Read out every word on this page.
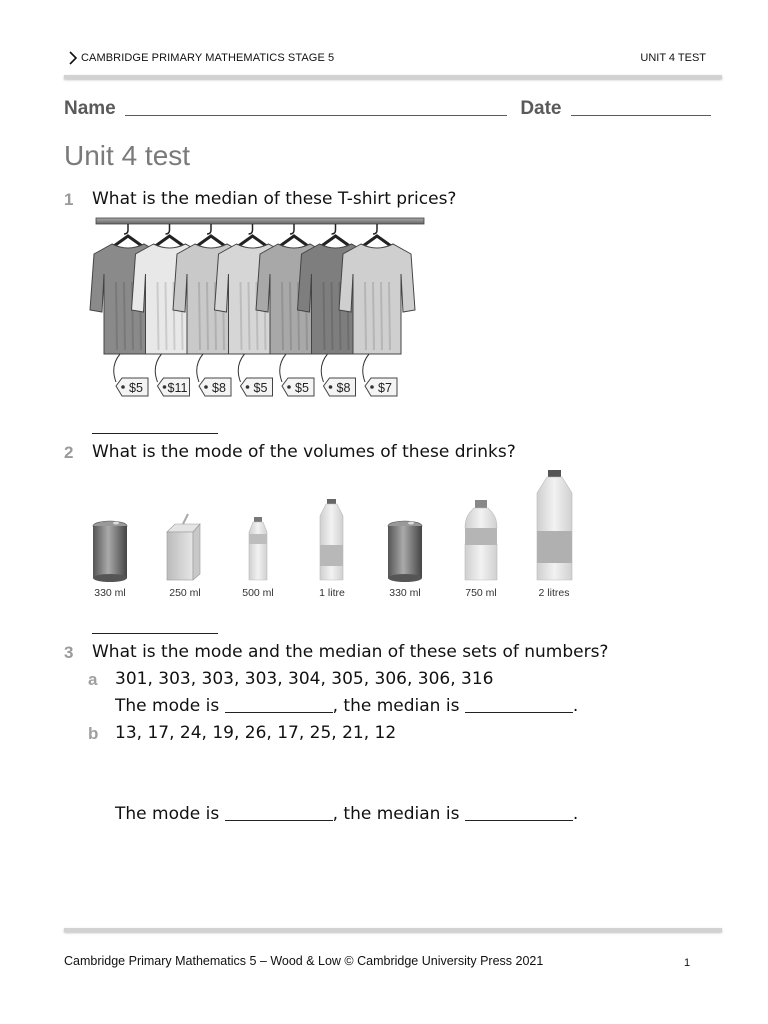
CAMBRIDGE PRIMARY MATHEMATICS STAGE 5	UNIT 4 TEST
Name	Date
Unit 4 test
1 What is the median of these T-shirt prices?
$5 $11 $8 $5 $5 $8 $7
2 What is the mode of the volumes of these drinks?
330 ml	250 ml	500 ml	1 litre	330 ml	750 ml	2 litres
3 What is the mode and the median of these sets of numbers?
a 301, 303, 303, 303, 304, 305, 306, 306, 316
The mode is	, the median is	.
b 13, 17, 24, 19, 26, 17, 25, 21, 12
The mode is	, the median is	.
Cambridge Primary Mathematics 5 – Wood & Low © Cambridge University Press 2021	1
